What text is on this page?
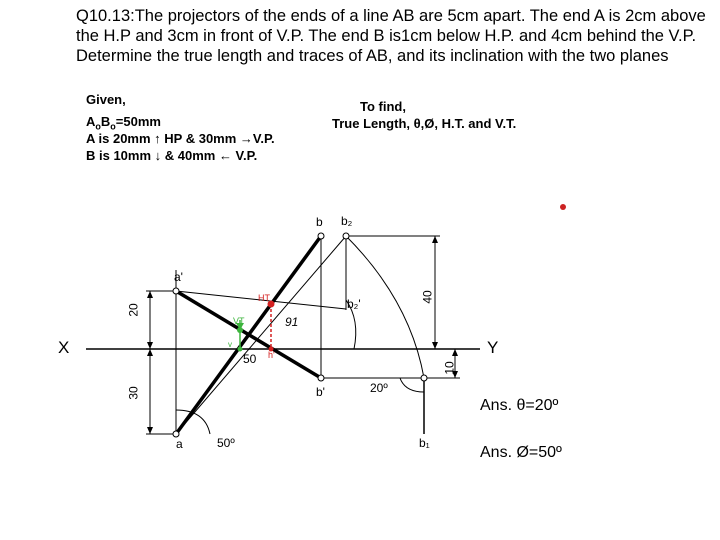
Q10.13:The projectors of the ends of a line AB are 5cm apart. The end A is 2cm above the H.P and 3cm in front of V.P. The end B is1cm below H.P. and 4cm behind the V.P. Determine the true length and traces of AB, and its inclination with the two planes
Given,
$A_oB_o=50mm$
A is 20mm ↑ HP & 30mm →V.P.
B is 10mm ↓ & 40mm ← V.P.
To find,
True Length, θ,Ø, H.T. and V.T.
X	Y
a'
a
b b₂
b₂'
b'
b₁
HT
VT
h'
v
20
30
40
10
50
91
20º
50º
Ans. θ=20º
Ans. Ø=50º
